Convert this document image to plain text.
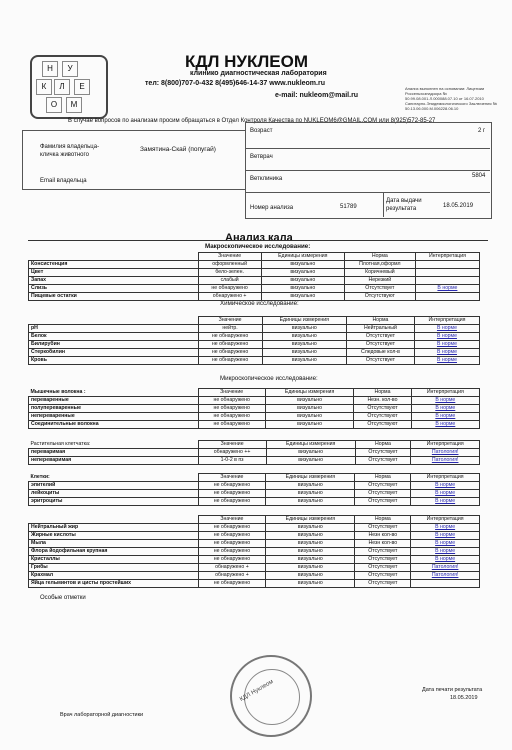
Н	У
К	Л	Е
О	М
КДЛ НУКЛЕОМ
клинико диагностическая лаборатория
тел: 8(800)707-0-432 8(495)646-14-37 www.nukleom.ru
e-mail: nukleom@mail.ru
Анализ выполнен на основании: Лицензии Россельхознадзора № 50.99.08.001.Л.000088.07.10 от 16.07.2010 Санитарно-Эпидемиологического Заключения № 50.13.06.000.М.006228.06.10
В случае вопросов по анализам просим обращаться в Отдел Контроля Качества по NUKLEOM6@GMAIL.COM или 8(925)572-85-27
Фамилия владельца-кличка животного
Замятина-Скай (попугай)
Email владельца
Возраст	2 г
Ветврач
Ветклиника	5804
Номер анализа	51789
Дата выдачи результата	18.05.2019
Анализ кала
Макроскопическое исследование:
	Значение	Единицы измерения	Норма	Интерпретация
Консистенция	оформленный	визуально	Плотная,оформл	
Цвет	бело-зелен.	визуально	Коричневый	
Запах	слабый	визуально	Нерезкий	
Слизь	не обнаружено	визуально	Отсутствует	В норме
Пищевые остатки	обнаружено +	визуально	Отсутствуют	
Химическое исследование:
	Значение	Единицы измерения	Норма	Интерпретация
pH	нейтр.	визуально	Нейтральный	В норме
Белок	не обнаружено	визуально	Отсутствует	В норме
Билирубин	не обнаружено	визуально	Отсутствует	В норме
Стеркобилин	не обнаружено	визуально	Следовые кол-в	В норме
Кровь	не обнаружено	визуально	Отсутствует	В норме
Микроскопическое исследование:
Мышечные волокна :	Значение	Единицы измерения	Норма	Интерпретация
переваренные	не обнаружено	визуально	Незн. кол-во	В норме
полупереваренные	не обнаружено	визуально	Отсутствуют	В норме
непереваренные	не обнаружено	визуально	Отсутствуют	В норме
Соединительные волокна	не обнаружено	визуально	Отсутствуют	В норме
Растительная клетчатка:	Значение	Единицы измерения	Норма	Интерпретация
переваримая	обнаружено ++	визуально	Отсутствует	Патология!
непереваримая	1-0-2 в пз	визуально	Отсутствует	Патология!
Клетки:	Значение	Единицы измерения	Норма	Интерпретация
эпителий	не обнаружено	визуально	Отсутствует	В норме
лейкоциты	не обнаружено	визуально	Отсутствует	В норме
эритроциты	не обнаружено	визуально	Отсутствует	В норме
	Значение	Единицы измерения	Норма	Интерпретация
Нейтральный жир	не обнаружено	визуально	Отсутствует	В норме
Жирные кислоты	не обнаружено	визуально	Незн кол-во	В норме
Мыла	не обнаружено	визуально	Незн кол-во	В норме
Флора йодофильная крупная	не обнаружено	визуально	Отсутствует	В норме
Кристаллы	не обнаружено	визуально	Отсутствует	В норме
Грибы	обнаружено +	визуально	Отсутствует	Патология!
Крахмал	обнаружено +	визуально	Отсутствует	Патология!
Яйца гельминтов и цисты простейших	не обнаружено	визуально	Отсутствует	
Особые отметки
КДЛ Нуклеом	Дата печати результата
18.05.2019
Врач лабораторной диагностики
